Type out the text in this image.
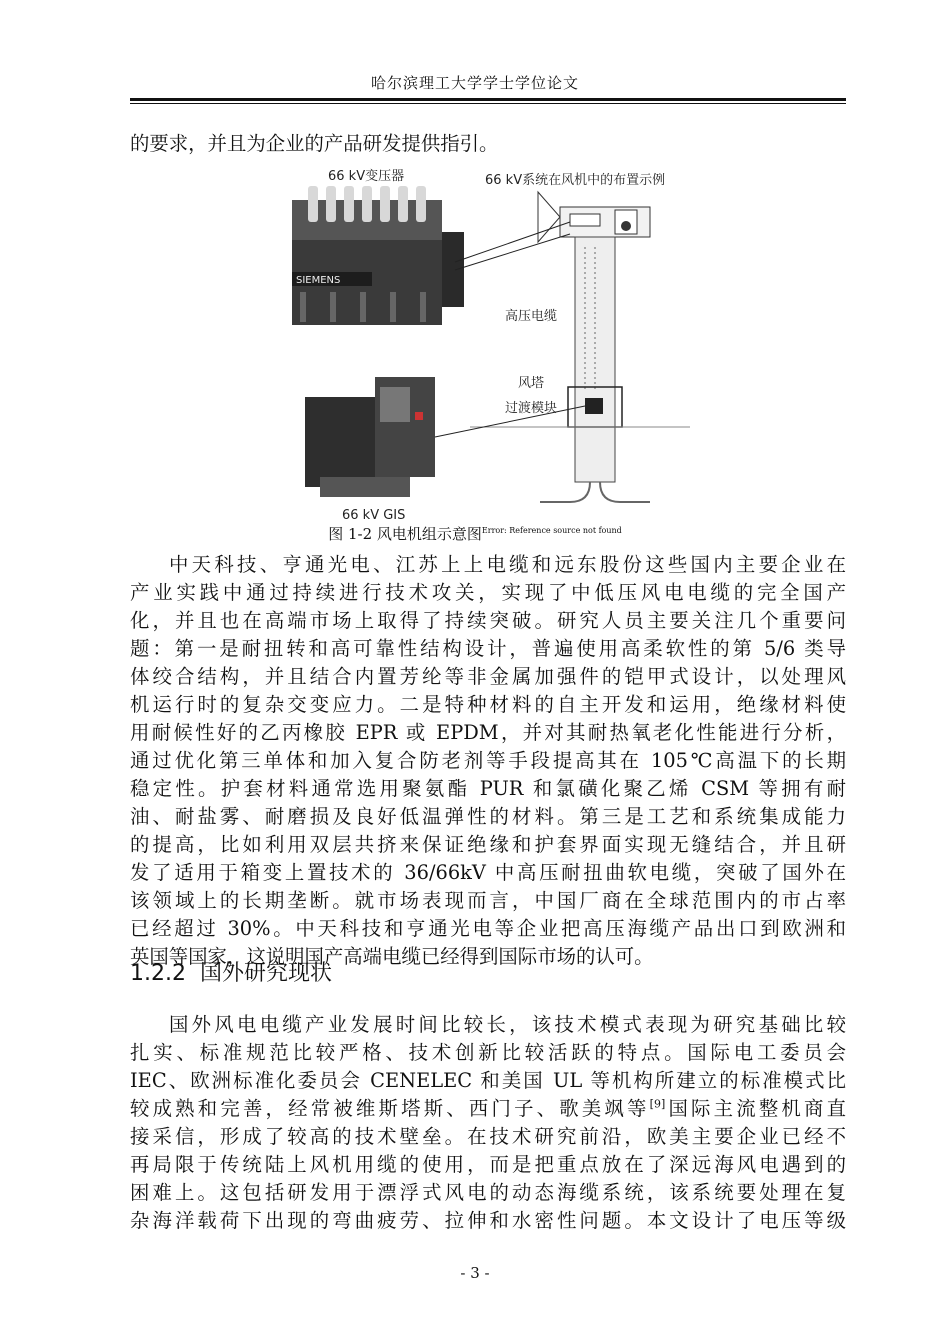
哈尔滨理工大学学士学位论文
的要求，并且为企业的产品研发提供指引。
66 kV变压器
SIEMENS
66 kV GIS
66 kV系统在风机中的布置示例
高压电缆
风塔
过渡模块
图 1-2 风电机组示意图$^{Error: Reference source not found}$
中天科技、亨通光电、江苏上上电缆和远东股份这些国内主要企业在
产业实践中通过持续进行技术攻关，实现了中低压风电电缆的完全国产
化，并且也在高端市场上取得了持续突破。研究人员主要关注几个重要问
题：第一是耐扭转和高可靠性结构设计，普遍使用高柔软性的第 5/6 类导
体绞合结构，并且结合内置芳纶等非金属加强件的铠甲式设计，以处理风
机运行时的复杂交变应力。二是特种材料的自主开发和运用，绝缘材料使
用耐候性好的乙丙橡胶 EPR 或 EPDM，并对其耐热氧老化性能进行分析，
通过优化第三单体和加入复合防老剂等手段提高其在 105℃高温下的长期
稳定性。护套材料通常选用聚氨酯 PUR 和氯磺化聚乙烯 CSM 等拥有耐
油、耐盐雾、耐磨损及良好低温弹性的材料。第三是工艺和系统集成能力
的提高，比如利用双层共挤来保证绝缘和护套界面实现无缝结合，并且研
发了适用于箱变上置技术的 36/66kV 中高压耐扭曲软电缆，突破了国外在
该领域上的长期垄断。就市场表现而言，中国厂商在全球范围内的市占率
已经超过 30%。中天科技和亨通光电等企业把高压海缆产品出口到欧洲和
英国等国家，这说明国产高端电缆已经得到国际市场的认可。
1.2.2 国外研究现状
国外风电电缆产业发展时间比较长，该技术模式表现为研究基础比较
扎实、标准规范比较严格、技术创新比较活跃的特点。国际电工委员会
IEC、欧洲标准化委员会 CENELEC 和美国 UL 等机构所建立的标准模式比
较成熟和完善，经常被维斯塔斯、西门子、歌美飒等[9]国际主流整机商直
接采信，形成了较高的技术壁垒。在技术研究前沿，欧美主要企业已经不
再局限于传统陆上风机用缆的使用，而是把重点放在了深远海风电遇到的
困难上。这包括研发用于漂浮式风电的动态海缆系统，该系统要处理在复
杂海洋载荷下出现的弯曲疲劳、拉伸和水密性问题。本文设计了电压等级
- 3 -
